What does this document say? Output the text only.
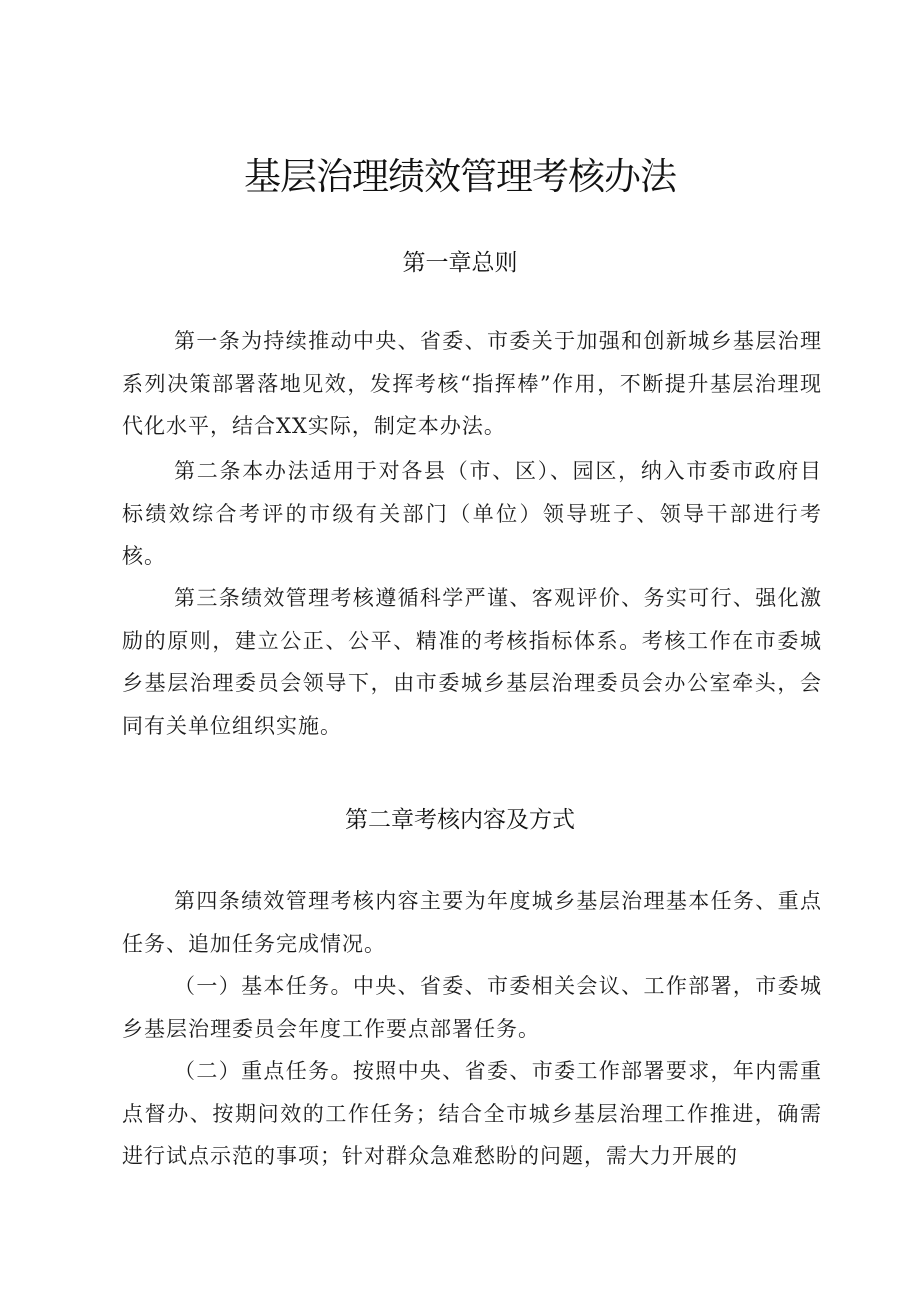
基层治理绩效管理考核办法
第一章总则

第一条为持续推动中央、省委、市委关于加强和创新城乡基层治理系列决策部署落地见效，发挥考核“指挥棒”作用，不断提升基层治理现代化水平，结合XX实际，制定本办法。

第二条本办法适用于对各县（市、区）、园区，纳入市委市政府目标绩效综合考评的市级有关部门（单位）领导班子、领导干部进行考核。

第三条绩效管理考核遵循科学严谨、客观评价、务实可行、强化激励的原则，建立公正、公平、精准的考核指标体系。考核工作在市委城乡基层治理委员会领导下，由市委城乡基层治理委员会办公室牵头，会同有关单位组织实施。

第二章考核内容及方式

第四条绩效管理考核内容主要为年度城乡基层治理基本任务、重点任务、追加任务完成情况。

（一）基本任务。中央、省委、市委相关会议、工作部署，市委城乡基层治理委员会年度工作要点部署任务。

（二）重点任务。按照中央、省委、市委工作部署要求，年内需重点督办、按期问效的工作任务；结合全市城乡基层治理工作推进，确需进行试点示范的事项；针对群众急难愁盼的问题，需大力开展的
